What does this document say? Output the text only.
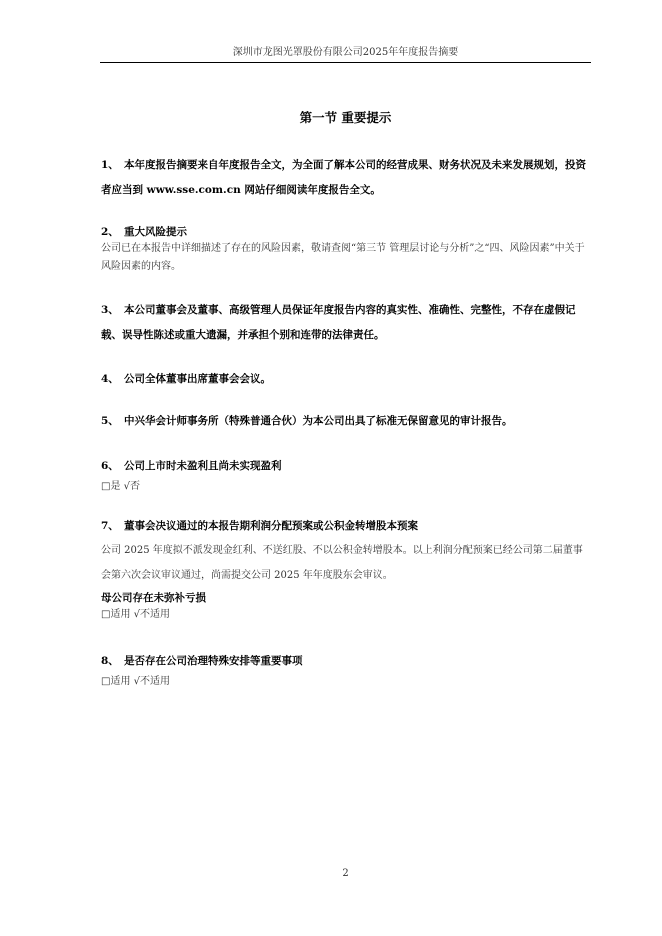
深圳市龙图光罩股份有限公司2025年年度报告摘要
第一节 重要提示
1、 本年度报告摘要来自年度报告全文，为全面了解本公司的经营成果、财务状况及未来发展规划，投资者应当到 www.sse.com.cn 网站仔细阅读年度报告全文。
2、 重大风险提示
公司已在本报告中详细描述了存在的风险因素，敬请查阅“第三节 管理层讨论与分析”之“四、风险因素”中关于风险因素的内容。
3、 本公司董事会及董事、高级管理人员保证年度报告内容的真实性、准确性、完整性，不存在虚假记载、误导性陈述或重大遗漏，并承担个别和连带的法律责任。
4、 公司全体董事出席董事会会议。
5、 中兴华会计师事务所（特殊普通合伙）为本公司出具了标准无保留意见的审计报告。
6、 公司上市时未盈利且尚未实现盈利
□是 √否
7、 董事会决议通过的本报告期利润分配预案或公积金转增股本预案
公司 2025 年度拟不派发现金红利、不送红股、不以公积金转增股本。以上利润分配预案已经公司第二届董事会第六次会议审议通过，尚需提交公司 2025 年年度股东会审议。
母公司存在未弥补亏损
□适用 √不适用
8、 是否存在公司治理特殊安排等重要事项
□适用 √不适用
2
